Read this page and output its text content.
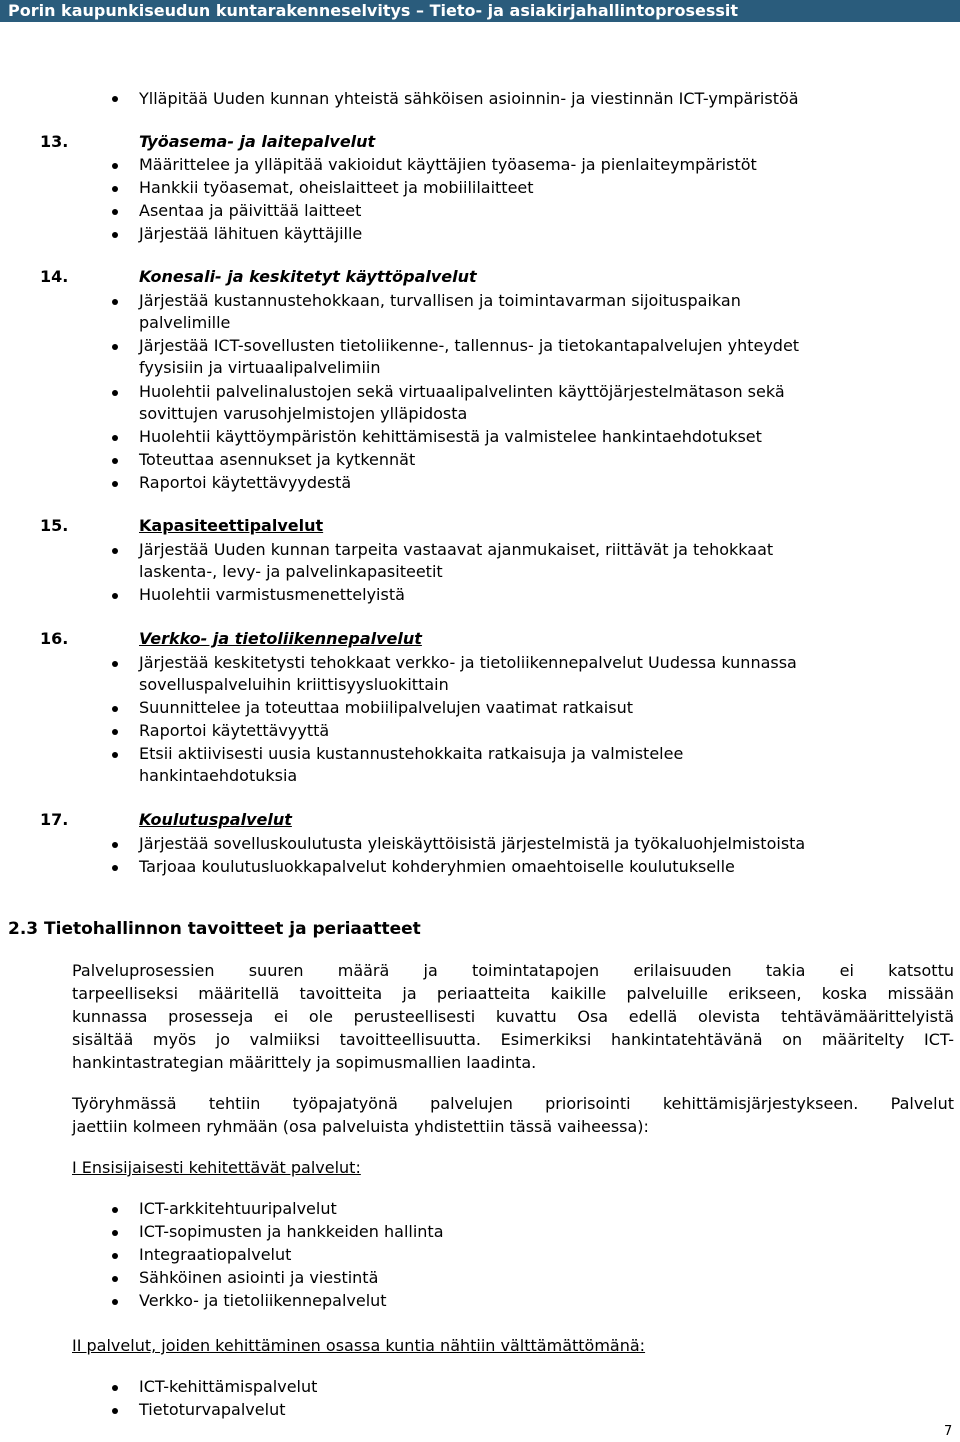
Porin kaupunkiseudun kuntarakenneselvitys – Tieto- ja asiakirjahallintoprosessit
Ylläpitää Uuden kunnan yhteistä sähköisen asioinnin- ja viestinnän ICT-ympäristöä
13.	Työasema- ja laitepalvelut
Määrittelee ja ylläpitää vakioidut käyttäjien työasema- ja pienlaiteympäristöt
Hankkii työasemat, oheislaitteet ja mobiililaitteet
Asentaa ja päivittää laitteet
Järjestää lähituen käyttäjille
14.	Konesali- ja keskitetyt käyttöpalvelut
Järjestää kustannustehokkaan, turvallisen ja toimintavarman sijoituspaikan
palvelimille
Järjestää ICT-sovellusten tietoliikenne-, tallennus- ja tietokantapalvelujen yhteydet
fyysisiin ja virtuaalipalvelimiin
Huolehtii palvelinalustojen sekä virtuaalipalvelinten käyttöjärjestelmätason sekä
sovittujen varusohjelmistojen ylläpidosta
Huolehtii käyttöympäristön kehittämisestä ja valmistelee hankintaehdotukset
Toteuttaa asennukset ja kytkennät
Raportoi käytettävyydestä
15.	Kapasiteettipalvelut
Järjestää Uuden kunnan tarpeita vastaavat ajanmukaiset, riittävät ja tehokkaat
laskenta-, levy- ja palvelinkapasiteetit
Huolehtii varmistusmenettelyistä
16.	Verkko- ja tietoliikennepalvelut
Järjestää keskitetysti tehokkaat verkko- ja tietoliikennepalvelut Uudessa kunnassa
sovelluspalveluihin kriittisyysluokittain
Suunnittelee ja toteuttaa mobiilipalvelujen vaatimat ratkaisut
Raportoi käytettävyyttä
Etsii aktiivisesti uusia kustannustehokkaita ratkaisuja ja valmistelee
hankintaehdotuksia
17.	Koulutuspalvelut
Järjestää sovelluskoulutusta yleiskäyttöisistä järjestelmistä ja työkaluohjelmistoista
Tarjoaa koulutusluokkapalvelut kohderyhmien omaehtoiselle koulutukselle
2.3 Tietohallinnon tavoitteet ja periaatteet
Palveluprosessien suuren määrä ja toimintatapojen erilaisuuden takia ei katsottu
tarpeelliseksi määritellä tavoitteita ja periaatteita kaikille palveluille erikseen, koska missään
kunnassa prosesseja ei ole perusteellisesti kuvattu Osa edellä olevista tehtävämäärittelyistä
sisältää myös jo valmiiksi tavoitteellisuutta. Esimerkiksi hankintatehtävänä on määritelty ICT-
hankintastrategian määrittely ja sopimusmallien laadinta.
Työryhmässä tehtiin työpajatyönä palvelujen priorisointi kehittämisjärjestykseen. Palvelut
jaettiin kolmeen ryhmään (osa palveluista yhdistettiin tässä vaiheessa):
I Ensisijaisesti kehitettävät palvelut:
ICT-arkkitehtuuripalvelut
ICT-sopimusten ja hankkeiden hallinta
Integraatiopalvelut
Sähköinen asiointi ja viestintä
Verkko- ja tietoliikennepalvelut
II palvelut, joiden kehittäminen osassa kuntia nähtiin välttämättömänä:
ICT-kehittämispalvelut
Tietoturvapalvelut
7
